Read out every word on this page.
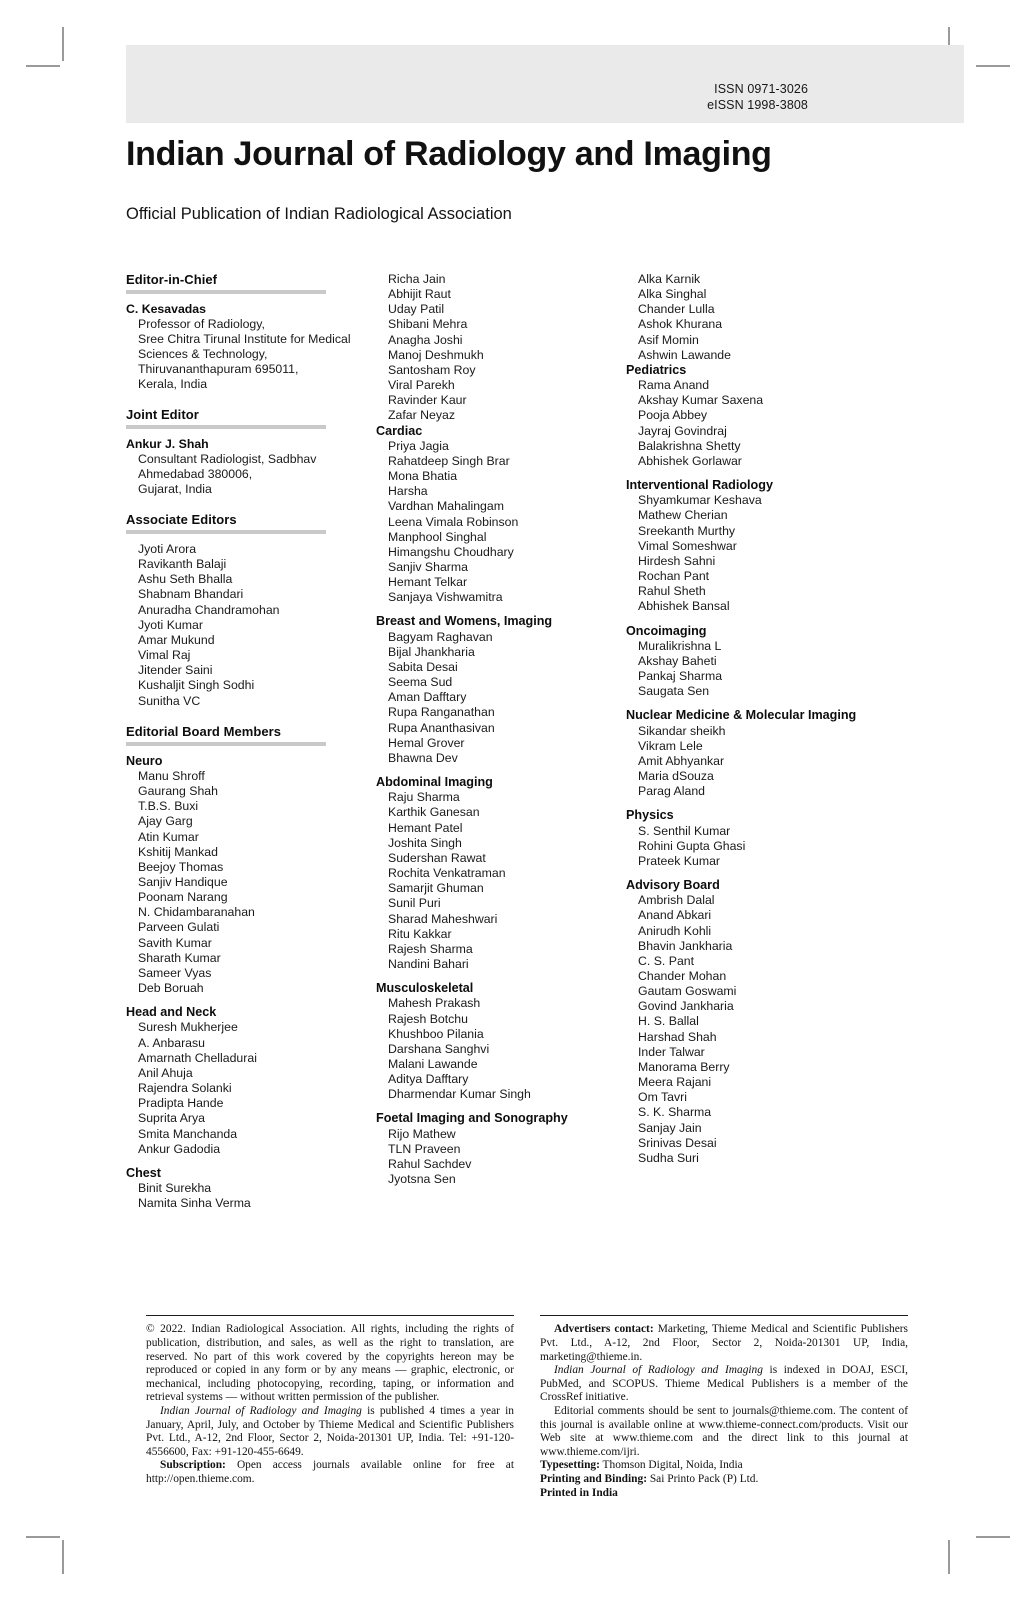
ISSN 0971-3026
eISSN 1998-3808
Indian Journal of Radiology and Imaging
Official Publication of Indian Radiological Association
Editor-in-Chief
C. Kesavadas
Professor of Radiology,
Sree Chitra Tirunal Institute for Medical
Sciences & Technology,
Thiruvananthapuram 695011,
Kerala, India
Joint Editor
Ankur J. Shah
Consultant Radiologist, Sadbhav
Ahmedabad 380006,
Gujarat, India
Associate Editors
Jyoti Arora
Ravikanth Balaji
Ashu Seth Bhalla
Shabnam Bhandari
Anuradha Chandramohan
Jyoti Kumar
Amar Mukund
Vimal Raj
Jitender Saini
Kushaljit Singh Sodhi
Sunitha VC
Editorial Board Members
Neuro
Manu Shroff
Gaurang Shah
T.B.S. Buxi
Ajay Garg
Atin Kumar
Kshitij Mankad
Beejoy Thomas
Sanjiv Handique
Poonam Narang
N. Chidambaranahan
Parveen Gulati
Savith Kumar
Sharath Kumar
Sameer Vyas
Deb Boruah
Head and Neck
Suresh Mukherjee
A. Anbarasu
Amarnath Chelladurai
Anil Ahuja
Rajendra Solanki
Pradipta Hande
Suprita Arya
Smita Manchanda
Ankur Gadodia
Chest
Binit Surekha
Namita Sinha Verma
Richa Jain
Abhijit Raut
Uday Patil
Shibani Mehra
Anagha Joshi
Manoj Deshmukh
Santosham Roy
Viral Parekh
Ravinder Kaur
Zafar Neyaz
Cardiac
Priya Jagia
Rahatdeep Singh Brar
Mona Bhatia
Harsha
Vardhan Mahalingam
Leena Vimala Robinson
Manphool Singhal
Himangshu Choudhary
Sanjiv Sharma
Hemant Telkar
Sanjaya Vishwamitra
Breast and Womens, Imaging
Bagyam Raghavan
Bijal Jhankharia
Sabita Desai
Seema Sud
Aman Dafftary
Rupa Ranganathan
Rupa Ananthasivan
Hemal Grover
Bhawna Dev
Abdominal Imaging
Raju Sharma
Karthik Ganesan
Hemant Patel
Joshita Singh
Sudershan Rawat
Rochita Venkatraman
Samarjit Ghuman
Sunil Puri
Sharad Maheshwari
Ritu Kakkar
Rajesh Sharma
Nandini Bahari
Musculoskeletal
Mahesh Prakash
Rajesh Botchu
Khushboo Pilania
Darshana Sanghvi
Malani Lawande
Aditya Dafftary
Dharmendar Kumar Singh
Foetal Imaging and Sonography
Rijo Mathew
TLN Praveen
Rahul Sachdev
Jyotsna Sen
Alka Karnik
Alka Singhal
Chander Lulla
Ashok Khurana
Asif Momin
Ashwin Lawande
Pediatrics
Rama Anand
Akshay Kumar Saxena
Pooja Abbey
Jayraj Govindraj
Balakrishna Shetty
Abhishek Gorlawar
Interventional Radiology
Shyamkumar Keshava
Mathew Cherian
Sreekanth Murthy
Vimal Someshwar
Hirdesh Sahni
Rochan Pant
Rahul Sheth
Abhishek Bansal
Oncoimaging
Muralikrishna L
Akshay Baheti
Pankaj Sharma
Saugata Sen
Nuclear Medicine & Molecular Imaging
Sikandar sheikh
Vikram Lele
Amit Abhyankar
Maria dSouza
Parag Aland
Physics
S. Senthil Kumar
Rohini Gupta Ghasi
Prateek Kumar
Advisory Board
Ambrish Dalal
Anand Abkari
Anirudh Kohli
Bhavin Jankharia
C. S. Pant
Chander Mohan
Gautam Goswami
Govind Jankharia
H. S. Ballal
Harshad Shah
Inder Talwar
Manorama Berry
Meera Rajani
Om Tavri
S. K. Sharma
Sanjay Jain
Srinivas Desai
Sudha Suri

© 2022. Indian Radiological Association. All rights, including the rights of publication, distribution, and sales, as well as the right to translation, are reserved. No part of this work covered by the copyrights hereon may be reproduced or copied in any form or by any means — graphic, electronic, or mechanical, including photocopying, recording, taping, or information and retrieval systems — without written permission of the publisher.

Indian Journal of Radiology and Imaging is published 4 times a year in January, April, July, and October by Thieme Medical and Scientific Publishers Pvt. Ltd., A-12, 2nd Floor, Sector 2, Noida-201301 UP, India. Tel: +91-120-4556600, Fax: +91-120-455-6649.

Subscription: Open access journals available online for free at http://open.thieme.com.

Advertisers contact: Marketing, Thieme Medical and Scientific Publishers Pvt. Ltd., A-12, 2nd Floor, Sector 2, Noida-201301 UP, India, marketing@thieme.in.

Indian Journal of Radiology and Imaging is indexed in DOAJ, ESCI, PubMed, and SCOPUS. Thieme Medical Publishers is a member of the CrossRef initiative.

Editorial comments should be sent to journals@thieme.com. The content of this journal is available online at www.thieme-connect.com/products. Visit our Web site at www.thieme.com and the direct link to this journal at www.thieme.com/ijri.

Typesetting: Thomson Digital, Noida, India

Printing and Binding: Sai Printo Pack (P) Ltd.

Printed in India
